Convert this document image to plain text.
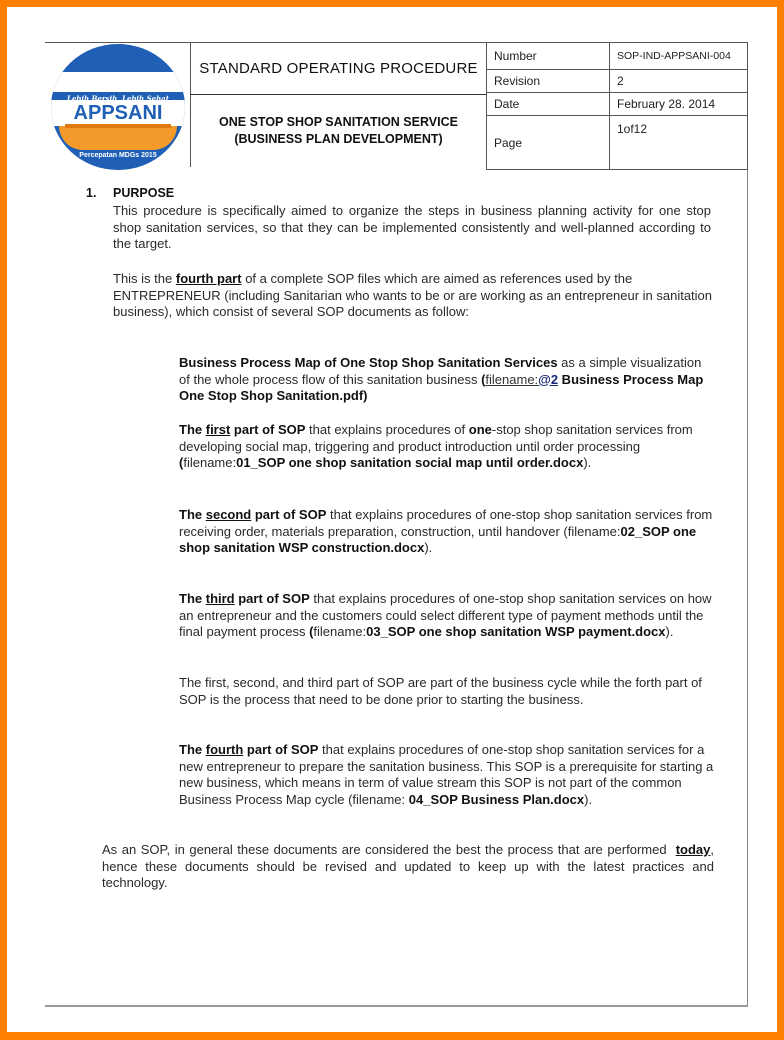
STBM
Lebih Bersih, Lebih Sehat
APPSANI
Percepatan MDGs 2015
STANDARD OPERATING PROCEDURE
ONE STOP SHOP SANITATION SERVICE
(BUSINESS PLAN DEVELOPMENT)
Number	SOP-IND-APPSANI-004
Revision	2
Date	February 28. 2014
Page	1of12
1. PURPOSE
This procedure is specifically aimed to organize the steps in business planning activity for one stop shop sanitation services, so that they can be implemented consistently and well-planned according to the target.
This is the fourth part of a complete SOP files which are aimed as references used by the ENTREPRENEUR (including Sanitarian who wants to be or are working as an entrepreneur in sanitation business), which consist of several SOP documents as follow:
Business Process Map of One Stop Shop Sanitation Services as a simple visualization of the whole process flow of this sanitation business (filename:@2 Business Process Map One Stop Shop Sanitation.pdf)
The first part of SOP that explains procedures of one-stop shop sanitation services from developing social map, triggering and product introduction until order processing (filename:01_SOP one shop sanitation social map until order.docx).
The second part of SOP that explains procedures of one-stop shop sanitation services from receiving order, materials preparation, construction, until handover (filename:02_SOP one shop sanitation WSP construction.docx).
The third part of SOP that explains procedures of one-stop shop sanitation services on how an entrepreneur and the customers could select different type of payment methods until the final payment process (filename:03_SOP one shop sanitation WSP payment.docx).
The first, second, and third part of SOP are part of the business cycle while the forth part of SOP is the process that need to be done prior to starting the business.
The fourth part of SOP that explains procedures of one-stop shop sanitation services for a new entrepreneur to prepare the sanitation business. This SOP is a prerequisite for starting a new business, which means in term of value stream this SOP is not part of the common Business Process Map cycle (filename: 04_SOP Business Plan.docx).
As an SOP, in general these documents are considered the best the process that are performed  today, hence these documents should be revised and updated to keep up with the latest practices and technology.
